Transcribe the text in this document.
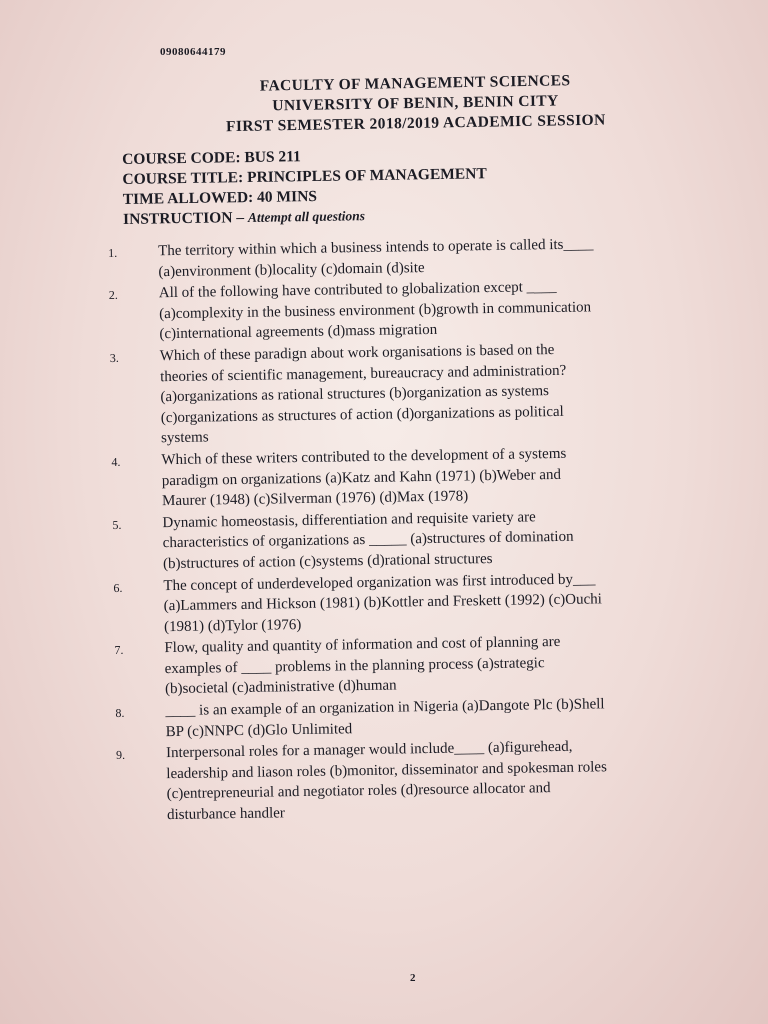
09080644179
FACULTY OF MANAGEMENT SCIENCES
UNIVERSITY OF BENIN, BENIN CITY
FIRST SEMESTER 2018/2019 ACADEMIC SESSION
COURSE CODE: BUS 211
COURSE TITLE: PRINCIPLES OF MANAGEMENT
TIME ALLOWED: 40 MINS
INSTRUCTION – Attempt all questions
1.	The territory within which a business intends to operate is called its____
(a)environment (b)locality (c)domain (d)site
2.	All of the following have contributed to globalization except ____
(a)complexity in the business environment (b)growth in communication
(c)international agreements (d)mass migration
3.	Which of these paradign about work organisations is based on the
theories of scientific management, bureaucracy and administration?
(a)organizations as rational structures (b)organization as systems
(c)organizations as structures of action (d)organizations as political
systems
4.	Which of these writers contributed to the development of a systems
paradigm on organizations (a)Katz and Kahn (1971) (b)Weber and
Maurer (1948) (c)Silverman (1976) (d)Max (1978)
5.	Dynamic homeostasis, differentiation and requisite variety are
characteristics of organizations as _____ (a)structures of domination
(b)structures of action (c)systems (d)rational structures
6.	The concept of underdeveloped organization was first introduced by___
(a)Lammers and Hickson (1981) (b)Kottler and Freskett (1992) (c)Ouchi
(1981) (d)Tylor (1976)
7.	Flow, quality and quantity of information and cost of planning are
examples of ____ problems in the planning process (a)strategic
(b)societal (c)administrative (d)human
8.	____ is an example of an organization in Nigeria (a)Dangote Plc (b)Shell
BP (c)NNPC (d)Glo Unlimited
9.	Interpersonal roles for a manager would include____ (a)figurehead,
leadership and liason roles (b)monitor, disseminator and spokesman roles
(c)entrepreneurial and negotiator roles (d)resource allocator and
disturbance handler
2
